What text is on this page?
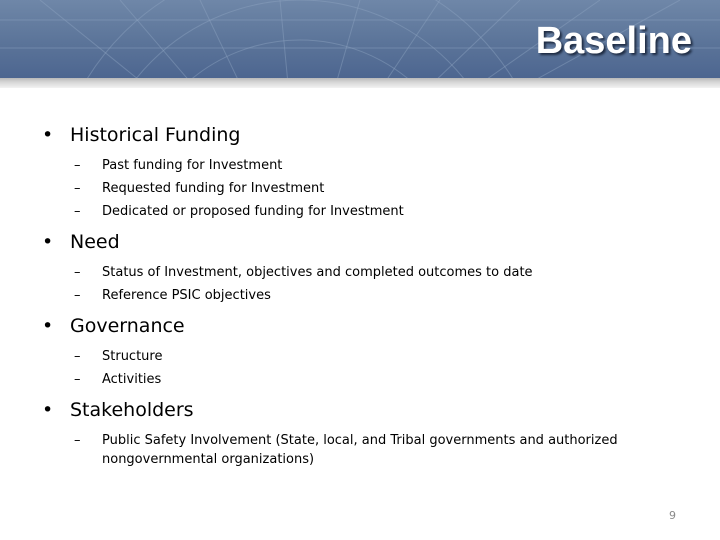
Baseline
• Historical Funding
–	Past funding for Investment
–	Requested funding for Investment
–	Dedicated or proposed funding for Investment
• Need
–	Status of Investment, objectives and completed outcomes to date
–	Reference PSIC objectives
• Governance
–	Structure
–	Activities
• Stakeholders
–	Public Safety Involvement (State, local, and Tribal governments and authorized nongovernmental organizations)
9
